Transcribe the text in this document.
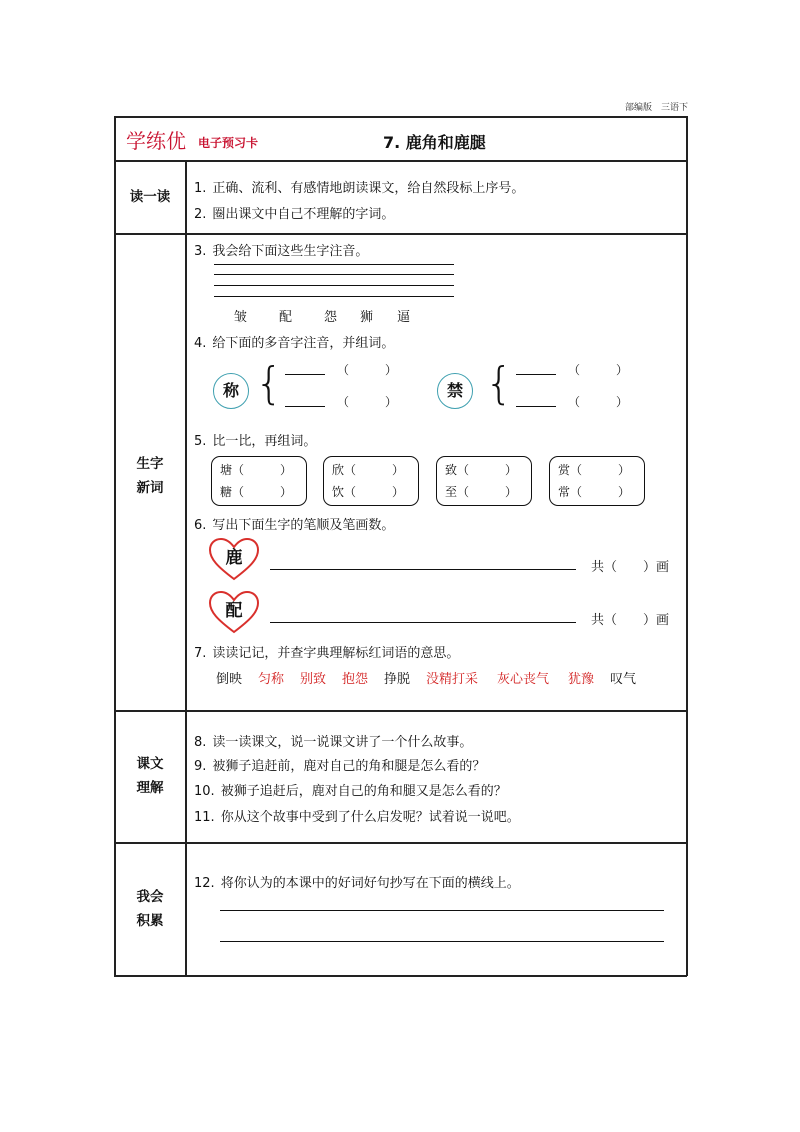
部编版　三语下
学练优 电子预习卡	7. 鹿角和鹿腿
读一读
1. 正确、流利、有感情地朗读课文，给自然段标上序号。
2. 圈出课文中自己不理解的字词。
生字
新词
3. 我会给下面这些生字注音。
皱 配 怨 狮 逼
4. 给下面的多音字注音，并组词。
称 {	（　　　）
（　　　）
禁 {	（　　　）
（　　　）
5. 比一比，再组词。
塘（　　　）
糖（　　　）
欣（　　　）
饮（　　　）
致（　　　）
至（　　　）
赏（　　　）
常（　　　）
6. 写出下面生字的笔顺及笔画数。
鹿	共（　　）画
配	共（　　）画
7. 读读记记，并查字典理解标红词语的意思。
倒映 匀称 别致 抱怨 挣脱 没精打采 灰心丧气 犹豫 叹气
课文
理解
8. 读一读课文，说一说课文讲了一个什么故事。
9. 被狮子追赶前，鹿对自己的角和腿是怎么看的？
10. 被狮子追赶后，鹿对自己的角和腿又是怎么看的？
11. 你从这个故事中受到了什么启发呢？试着说一说吧。
我会
积累
12. 将你认为的本课中的好词好句抄写在下面的横线上。
